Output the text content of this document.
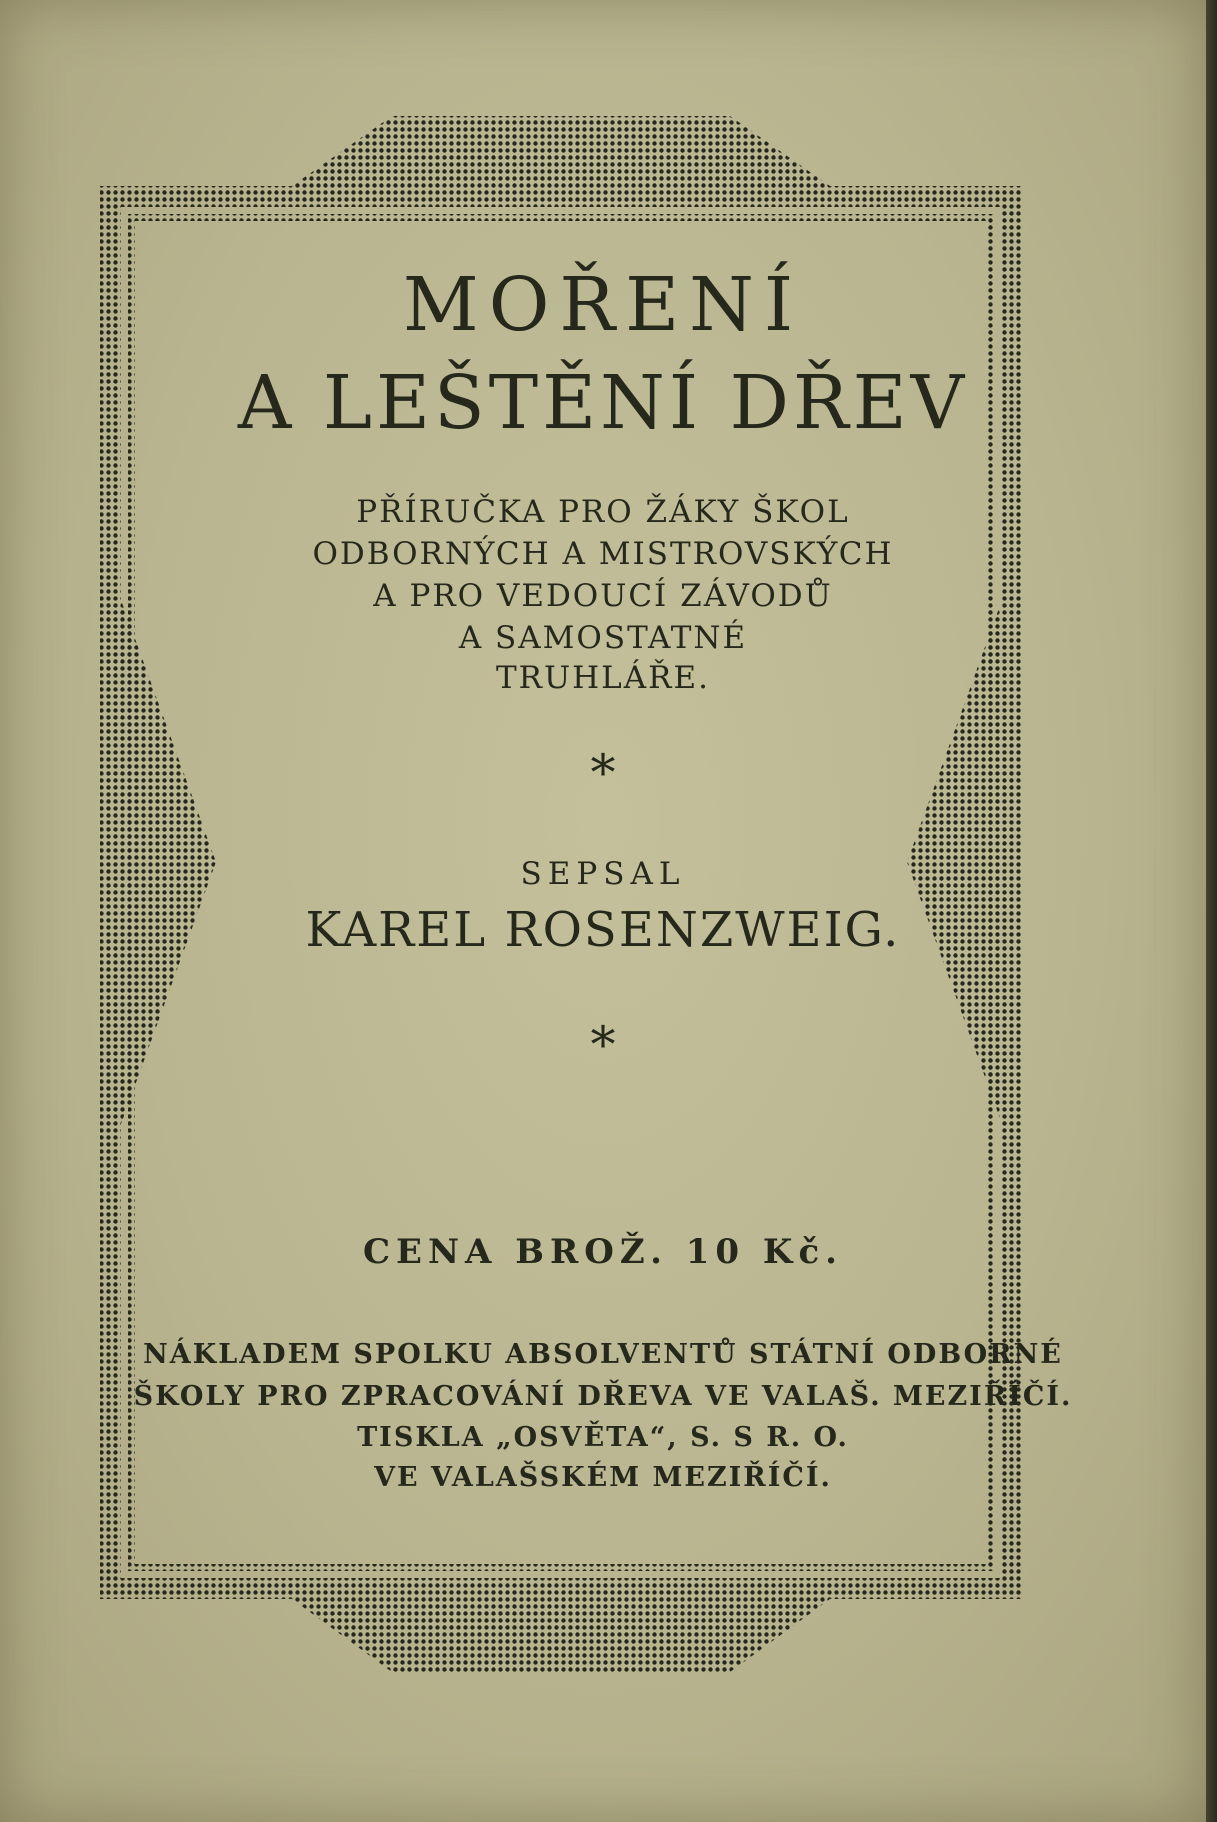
MOŘENÍ
A LEŠTĚNÍ DŘEV
PŘÍRUČKA PRO ŽÁKY ŠKOL
ODBORNÝCH A MISTROVSKÝCH
A PRO VEDOUCÍ ZÁVODŮ
A SAMOSTATNÉ
TRUHLÁŘE.
*
SEPSAL
KAREL ROSENZWEIG.
*
CENA BROŽ. 10 Kč.
NÁKLADEM SPOLKU ABSOLVENTŮ STÁTNÍ ODBORNÉ
ŠKOLY PRO ZPRACOVÁNÍ DŘEVA VE VALAŠ. MEZIŘÍČÍ.
TISKLA „OSVĚTA“, S. S R. O.
VE VALAŠSKÉM MEZIŘÍČÍ.
